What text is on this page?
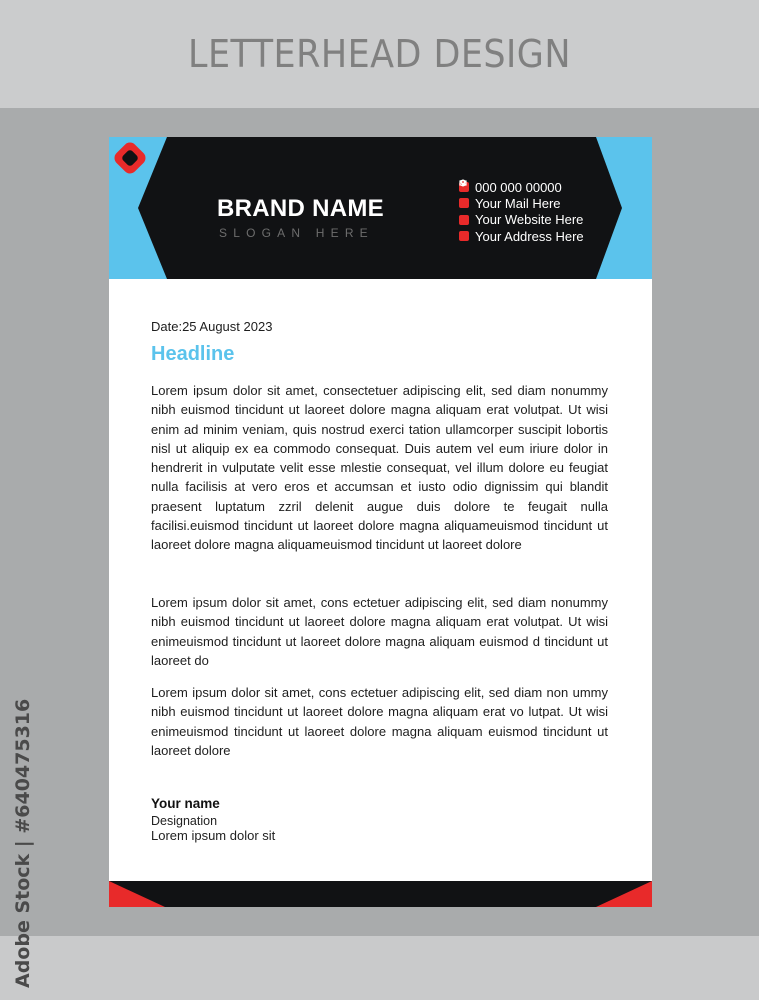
LETTERHEAD DESIGN
Adobe Stock | #640475316
BRAND NAME
SLOGAN HERE
000 000 00000
Your Mail Here
Your Website Here
Your Address Here
Date:25 August 2023
Headline
Lorem ipsum dolor sit amet, consectetuer adipiscing elit, sed diam nonummy nibh euismod tincidunt ut laoreet dolore magna aliquam erat volutpat. Ut wisi enim ad minim veniam, quis nostrud exerci tation ullamcorper suscipit lobortis nisl ut aliquip ex ea commodo consequat. Duis autem vel eum iriure dolor in hendrerit in vulputate velit esse mlestie consequat, vel illum dolore eu feugiat nulla facilisis at vero eros et accumsan et iusto odio dignissim qui blandit praesent luptatum zzril delenit augue duis dolore te feugait nulla facilisi.euismod tincidunt ut laoreet dolore magna aliquameuismod tincidunt ut laoreet dolore magna aliquameuismod tincidunt ut laoreet dolore
Lorem ipsum dolor sit amet, cons ectetuer adipiscing elit, sed diam nonummy nibh euismod tincidunt ut laoreet dolore magna aliquam erat volutpat. Ut wisi enimeuismod tincidunt ut laoreet dolore magna aliquam euismod d tincidunt ut laoreet do
Lorem ipsum dolor sit amet, cons ectetuer adipiscing elit, sed diam non ummy nibh euismod tincidunt ut laoreet dolore magna aliquam erat vo lutpat. Ut wisi enimeuismod tincidunt ut laoreet dolore magna aliquam euismod tincidunt ut laoreet dolore
Your name
Designation
Lorem ipsum dolor sit
